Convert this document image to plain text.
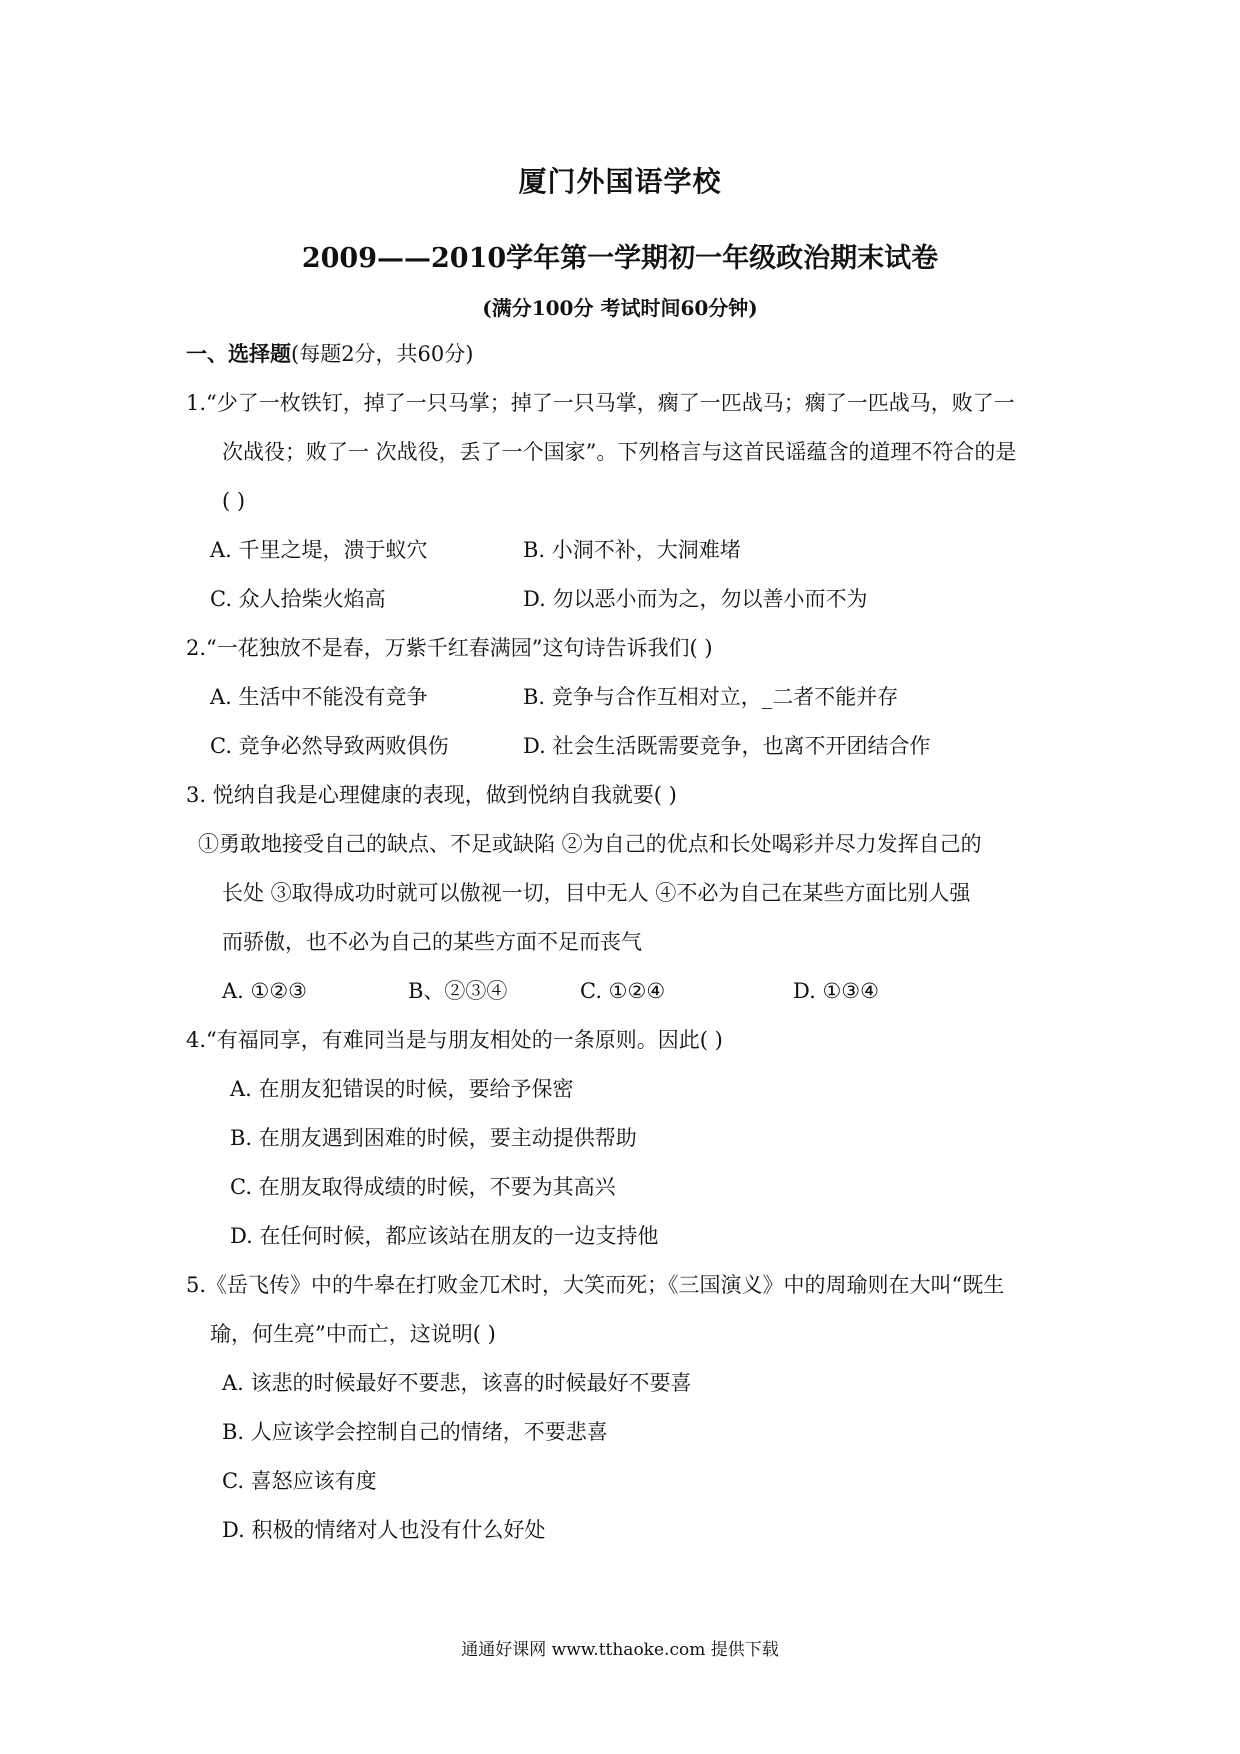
厦门外国语学校
2009——2010学年第一学期初一年级政治期末试卷
(满分100分 考试时间60分钟)
一、选择题(每题2分，共60分)
1.“少了一枚铁钉，掉了一只马掌；掉了一只马掌，瘸了一匹战马；瘸了一匹战马，败了一
次战役；败了一 次战役，丢了一个国家”。下列格言与这首民谣蕴含的道理不符合的是
( )
A. 千里之堤，溃于蚁穴	B. 小洞不补，大洞难堵
C. 众人拾柴火焰高	D. 勿以恶小而为之，勿以善小而不为
2.“一花独放不是春，万紫千红春满园”这句诗告诉我们( )
A. 生活中不能没有竞争	B. 竞争与合作互相对立，_二者不能并存
C. 竞争必然导致两败俱伤	D. 社会生活既需要竞争，也离不开团结合作
3. 悦纳自我是心理健康的表现，做到悦纳自我就要( )
①勇敢地接受自己的缺点、不足或缺陷 ②为自己的优点和长处喝彩并尽力发挥自己的
长处 ③取得成功时就可以傲视一切，目中无人 ④不必为自己在某些方面比别人强
而骄傲，也不必为自己的某些方面不足而丧气
A. ①②③	B、②③④	C. ①②④	D. ①③④
4.“有福同享，有难同当是与朋友相处的一条原则。因此( )
A. 在朋友犯错误的时候，要给予保密
B. 在朋友遇到困难的时候，要主动提供帮助
C. 在朋友取得成绩的时候，不要为其高兴
D. 在任何时候，都应该站在朋友的一边支持他
5.《岳飞传》中的牛皋在打败金兀术时，大笑而死；《三国演义》中的周瑜则在大叫“既生
瑜，何生亮”中而亡，这说明( )
A. 该悲的时候最好不要悲，该喜的时候最好不要喜
B. 人应该学会控制自己的情绪，不要悲喜
C. 喜怒应该有度
D. 积极的情绪对人也没有什么好处
通通好课网 www.tthaoke.com 提供下载
